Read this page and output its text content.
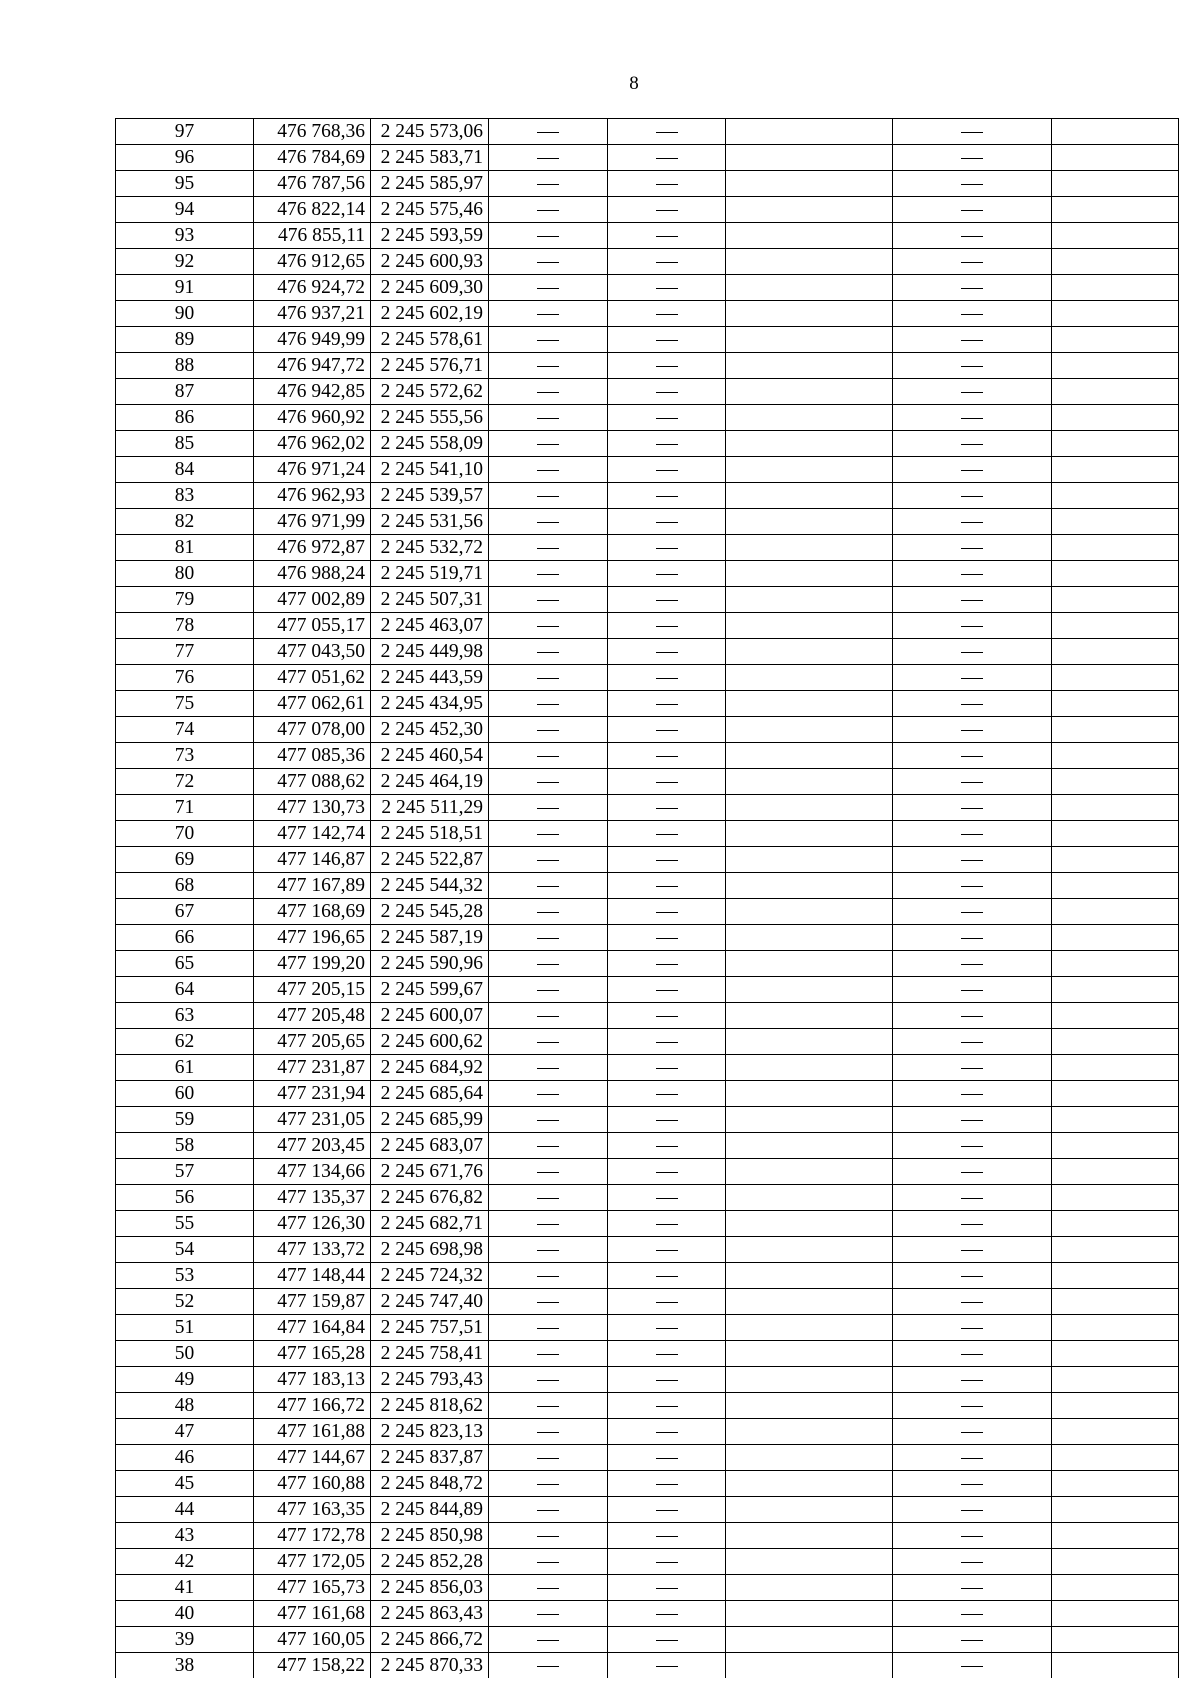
8
97	476 768,36	2 245 573,06					
96	476 784,69	2 245 583,71					
95	476 787,56	2 245 585,97					
94	476 822,14	2 245 575,46					
93	476 855,11	2 245 593,59					
92	476 912,65	2 245 600,93					
91	476 924,72	2 245 609,30					
90	476 937,21	2 245 602,19					
89	476 949,99	2 245 578,61					
88	476 947,72	2 245 576,71					
87	476 942,85	2 245 572,62					
86	476 960,92	2 245 555,56					
85	476 962,02	2 245 558,09					
84	476 971,24	2 245 541,10					
83	476 962,93	2 245 539,57					
82	476 971,99	2 245 531,56					
81	476 972,87	2 245 532,72					
80	476 988,24	2 245 519,71					
79	477 002,89	2 245 507,31					
78	477 055,17	2 245 463,07					
77	477 043,50	2 245 449,98					
76	477 051,62	2 245 443,59					
75	477 062,61	2 245 434,95					
74	477 078,00	2 245 452,30					
73	477 085,36	2 245 460,54					
72	477 088,62	2 245 464,19					
71	477 130,73	2 245 511,29					
70	477 142,74	2 245 518,51					
69	477 146,87	2 245 522,87					
68	477 167,89	2 245 544,32					
67	477 168,69	2 245 545,28					
66	477 196,65	2 245 587,19					
65	477 199,20	2 245 590,96					
64	477 205,15	2 245 599,67					
63	477 205,48	2 245 600,07					
62	477 205,65	2 245 600,62					
61	477 231,87	2 245 684,92					
60	477 231,94	2 245 685,64					
59	477 231,05	2 245 685,99					
58	477 203,45	2 245 683,07					
57	477 134,66	2 245 671,76					
56	477 135,37	2 245 676,82					
55	477 126,30	2 245 682,71					
54	477 133,72	2 245 698,98					
53	477 148,44	2 245 724,32					
52	477 159,87	2 245 747,40					
51	477 164,84	2 245 757,51					
50	477 165,28	2 245 758,41					
49	477 183,13	2 245 793,43					
48	477 166,72	2 245 818,62					
47	477 161,88	2 245 823,13					
46	477 144,67	2 245 837,87					
45	477 160,88	2 245 848,72					
44	477 163,35	2 245 844,89					
43	477 172,78	2 245 850,98					
42	477 172,05	2 245 852,28					
41	477 165,73	2 245 856,03					
40	477 161,68	2 245 863,43					
39	477 160,05	2 245 866,72					
38	477 158,22	2 245 870,33					
